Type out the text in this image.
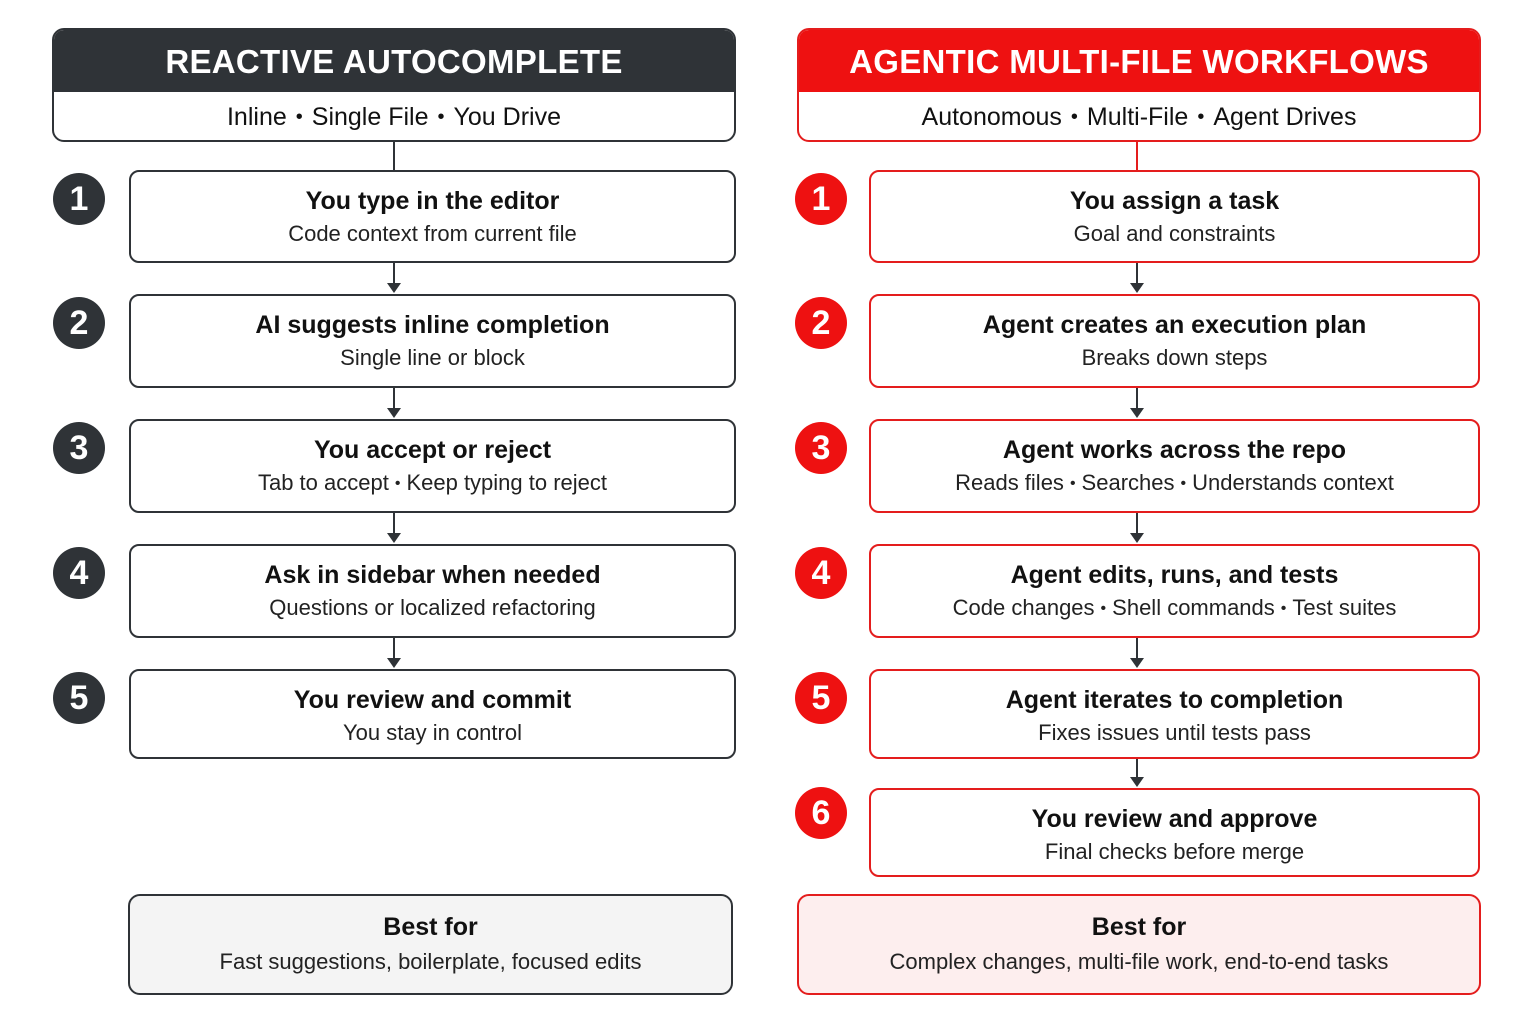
REACTIVE AUTOCOMPLETE
Inline • Single File • You Drive
1	You type in the editor
Code context from current file
2	AI suggests inline completion
Single line or block
3	You accept or reject
Tab to accept • Keep typing to reject
4	Ask in sidebar when needed
Questions or localized refactoring
5	You review and commit
You stay in control
Best for
Fast suggestions, boilerplate, focused edits
AGENTIC MULTI-FILE WORKFLOWS
Autonomous • Multi-File • Agent Drives
1	You assign a task
Goal and constraints
2	Agent creates an execution plan
Breaks down steps
3	Agent works across the repo
Reads files • Searches • Understands context
4	Agent edits, runs, and tests
Code changes • Shell commands • Test suites
5	Agent iterates to completion
Fixes issues until tests pass
6	You review and approve
Final checks before merge
Best for
Complex changes, multi-file work, end-to-end tasks
